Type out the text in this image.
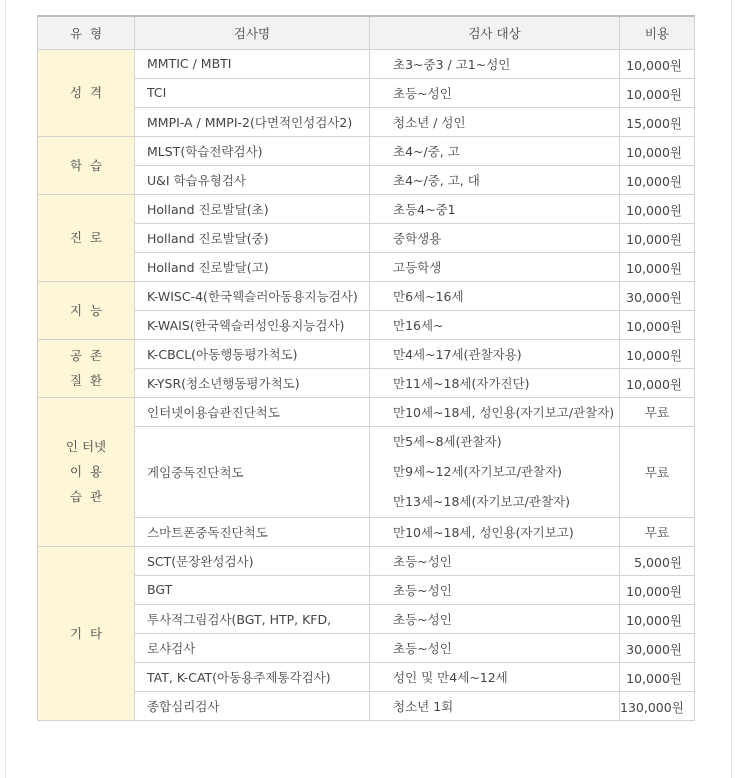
유  형	검사명	검사 대상	비용

성  격	MMTIC / MBTI	초3~중3 / 고1~성인	10,000원
	TCI	초등~성인	10,000원
	MMPI-A / MMPI-2(다면적인성검사2)	청소년 / 성인	15,000원

학  습	MLST(학습전략검사)	초4~/중, 고	10,000원
	U&I 학습유형검사	초4~/중, 고, 대	10,000원

진  로	Holland 진로발달(초)	초등4~중1	10,000원
	Holland 진로발달(중)	중학생용	10,000원
	Holland 진로발달(고)	고등학생	10,000원

지  능	K-WISC-4(한국웩슬러아동용지능검사)	만6세~16세	30,000원
	K-WAIS(한국웩슬러성인용지능검사)	만16세~	10,000원

공  존
질  환	K-CBCL(아동행동평가척도)	만4세~17세(관찰자용)	10,000원
	K-YSR(청소년행동평가척도)	만11세~18세(자가진단)	10,000원

인 터넷
이  용
습  관	인터넷이용습관진단척도	만10세~18세, 성인용(자기보고/관찰자)	무료
	게임중독진단척도	만5세~8세(관찰자)
만9세~12세(자기보고/관찰자)
만13세~18세(자기보고/관찰자)	무료
	스마트폰중독진단척도	만10세~18세, 성인용(자기보고)	무료

기  타	SCT(문장완성검사)	초등~성인	5,000원
	BGT	초등~성인	10,000원
	투사적그림검사(BGT, HTP, KFD,	초등~성인	10,000원
	로샤검사	초등~성인	30,000원
	TAT, K-CAT(아동용주제통각검사)	성인 및 만4세~12세	10,000원
	종합심리검사	청소년 1회	130,000원
